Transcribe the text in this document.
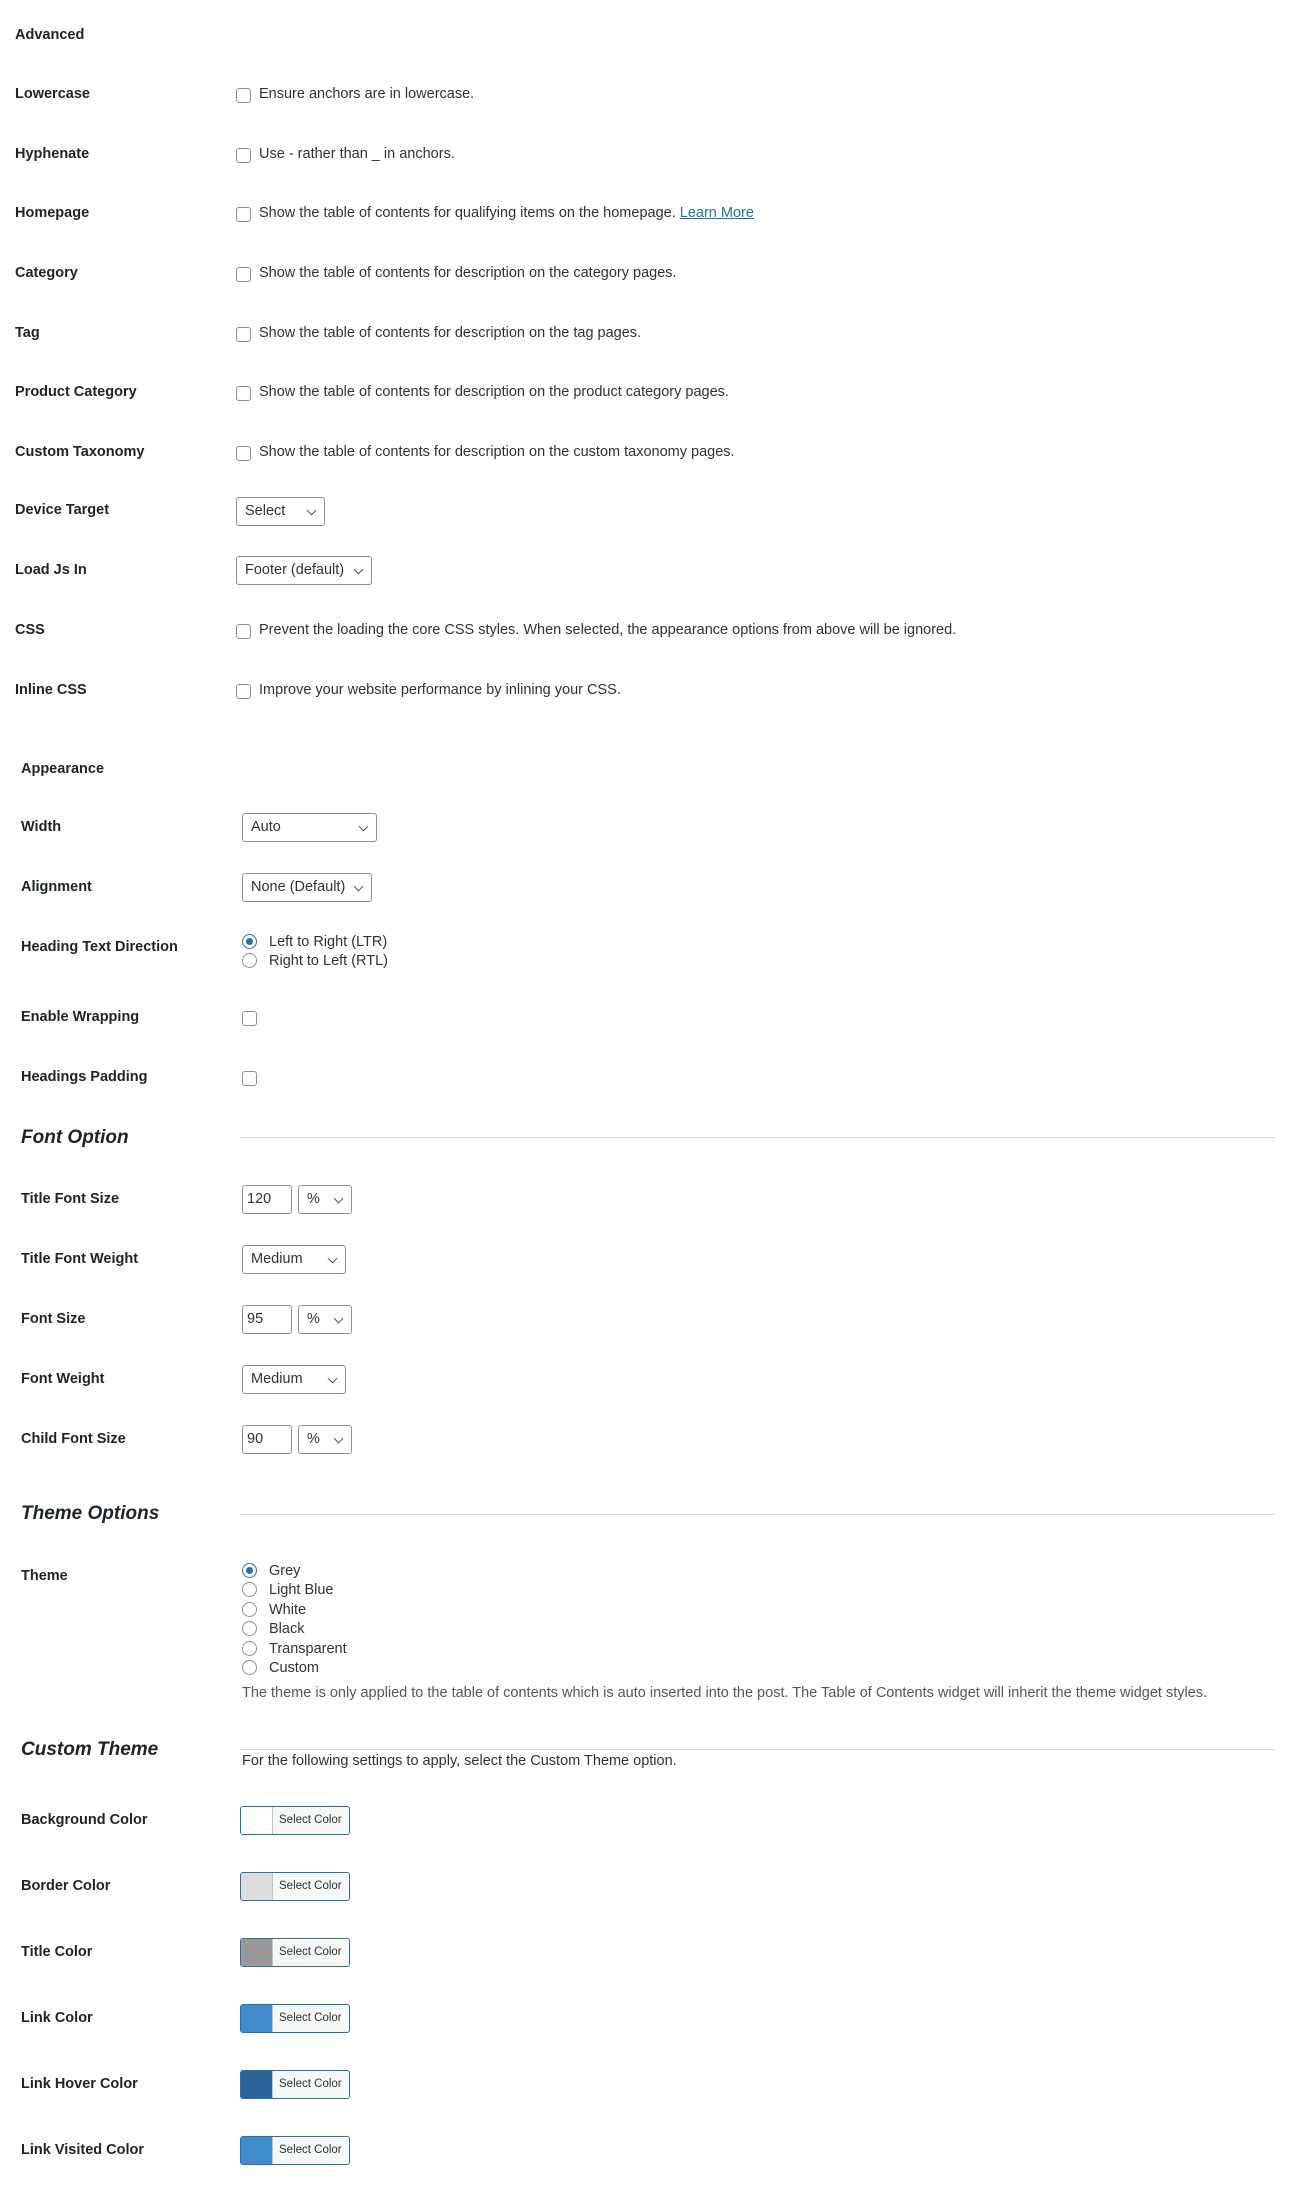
Advanced
Lowercase	Ensure anchors are in lowercase.
Hyphenate	Use - rather than _ in anchors.
Homepage	Show the table of contents for qualifying items on the homepage. Learn More
Category	Show the table of contents for description on the category pages.
Tag	Show the table of contents for description on the tag pages.
Product Category	Show the table of contents for description on the product category pages.
Custom Taxonomy	Show the table of contents for description on the custom taxonomy pages.
Device Target	Select
Load Js In	Footer (default)
CSS	Prevent the loading the core CSS styles. When selected, the appearance options from above will be ignored.
Inline CSS	Improve your website performance by inlining your CSS.
Appearance
Width	Auto
Alignment	None (Default)
Heading Text Direction	Left to Right (LTR)
Right to Left (RTL)
Enable Wrapping
Headings Padding
Font Option
Title Font Size	120	%
Title Font Weight	Medium
Font Size	95	%
Font Weight	Medium
Child Font Size	90	%
Theme Options
Theme	Grey
Light Blue
White
Black
Transparent
Custom
The theme is only applied to the table of contents which is auto inserted into the post. The Table of Contents widget will inherit the theme widget styles.
Custom Theme
For the following settings to apply, select the Custom Theme option.
Background Color	Select Color
Border Color	Select Color
Title Color	Select Color
Link Color	Select Color
Link Hover Color	Select Color
Link Visited Color	Select Color
